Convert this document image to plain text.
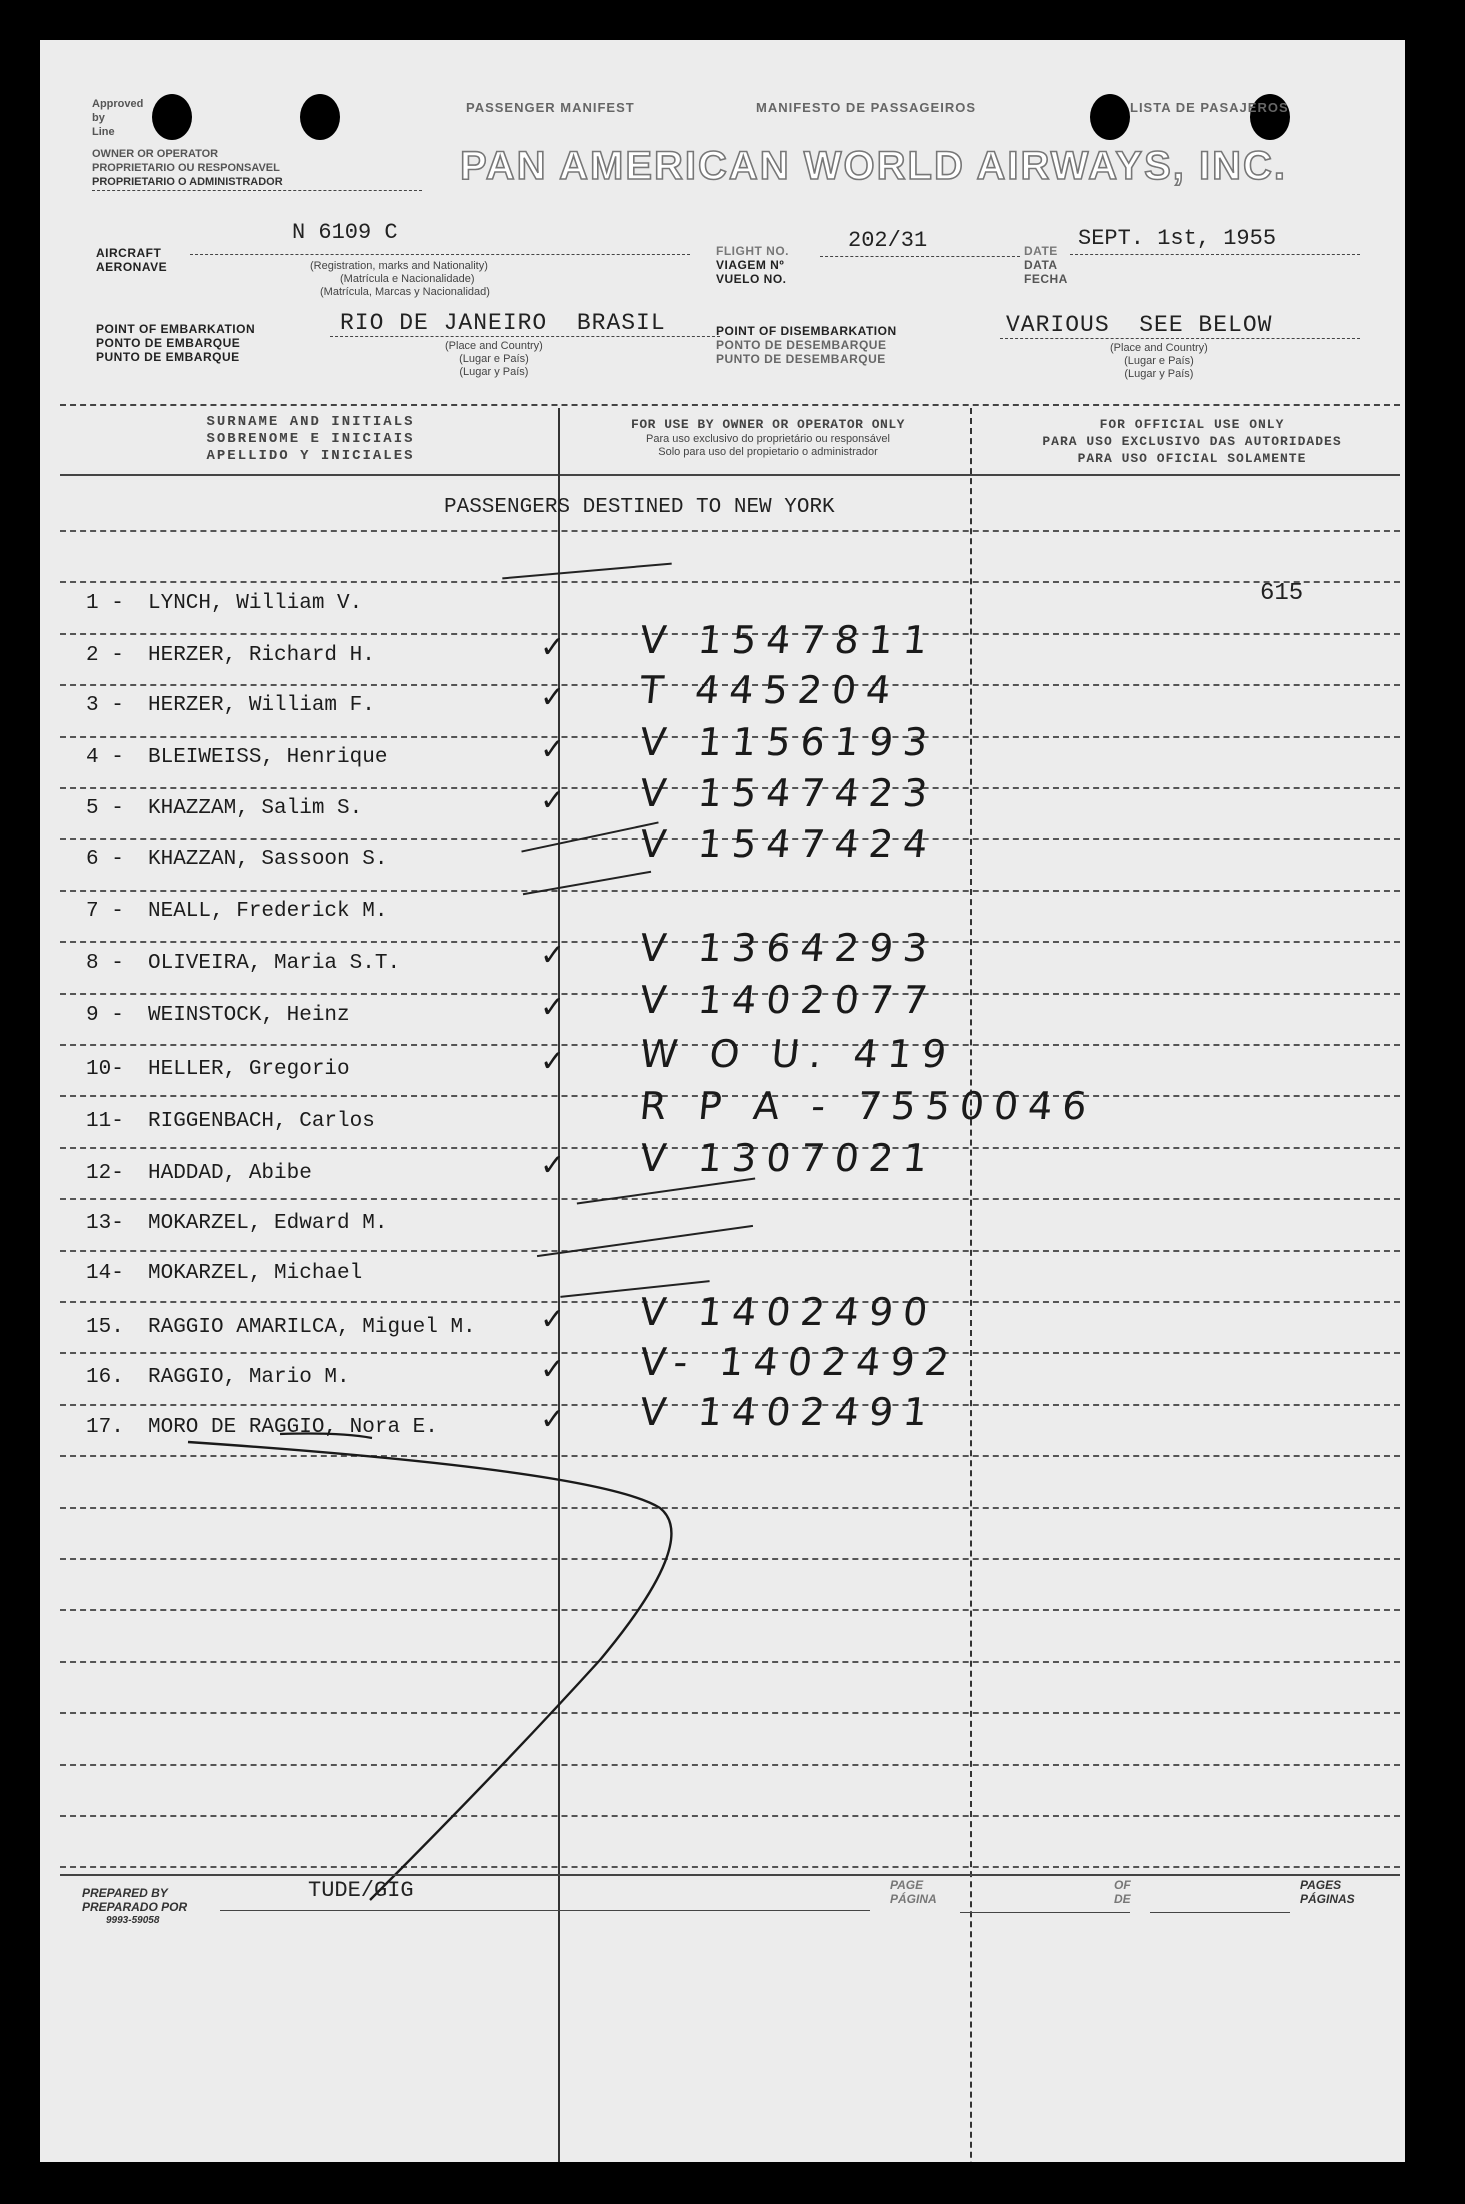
Approved
by
Line
OWNER OR OPERATOR
PROPRIETARIO OU RESPONSAVEL
PROPRIETARIO O ADMINISTRADOR
PASSENGER MANIFEST	MANIFESTO DE PASSAGEIROS	LISTA DE PASAJEROS
PAN AMERICAN WORLD AIRWAYS, INC.
AIRCRAFT
AERONAVE
N 6109 C
(Registration, marks and Nationality)
(Matrícula e Nacionalidade)
(Matrícula, Marcas y Nacionalidad)
FLIGHT NO.
VIAGEM Nº
VUELO NO.
202/31	DATE
DATA
FECHA
SEPT. 1st, 1955
POINT OF EMBARKATION
PONTO DE EMBARQUE
PUNTO DE EMBARQUE
RIO DE JANEIRO  BRASIL
(Place and Country)
(Lugar e País)
(Lugar y País)
POINT OF DISEMBARKATION
PONTO DE DESEMBARQUE
PUNTO DE DESEMBARQUE
VARIOUS  SEE BELOW
(Place and Country)
(Lugar e País)
(Lugar y País)
SURNAME AND INITIALS
SOBRENOME E INICIAIS
APELLIDO Y INICIALES
FOR USE BY OWNER OR OPERATOR ONLY
Para uso exclusivo do proprietário ou responsável
Solo para uso del propietario o administrador
FOR OFFICIAL USE ONLY
PARA USO EXCLUSIVO DAS AUTORIDADES
PARA USO OFICIAL SOLAMENTE
PASSENGERS DESTINED TO NEW YORK
615
1 - LYNCH, William V.
2 - HERZER, Richard H.	✓ V 1547811
3 - HERZER, William F.	✓ T 445204
4 - BLEIWEISS, Henrique	✓ V 1156193
5 - KHAZZAM, Salim S.	✓ V 1547423
6 - KHAZZAN, Sassoon S.	V 1547424
7 - NEALL, Frederick M.
8 - OLIVEIRA, Maria S.T.	✓ V 1364293
9 - WEINSTOCK, Heinz	✓ V 1402077
10- HELLER, Gregorio	✓ W O U. 419
11- RIGGENBACH, Carlos	R P A - 7550046
12- HADDAD, Abibe	✓ V 1307021
13- MOKARZEL, Edward M.
14- MOKARZEL, Michael
15. RAGGIO AMARILCA, Miguel M. ✓ V 1402490
16. RAGGIO, Mario M.	✓ V- 1402492
17. MORO DE RAGGIO, Nora E.	✓ V 1402491
PREPARED BY
PREPARADO POR
9993-59058
TUDE/GIG	PAGE
PÁGINA
OF
DE
PAGES
PÁGINAS
